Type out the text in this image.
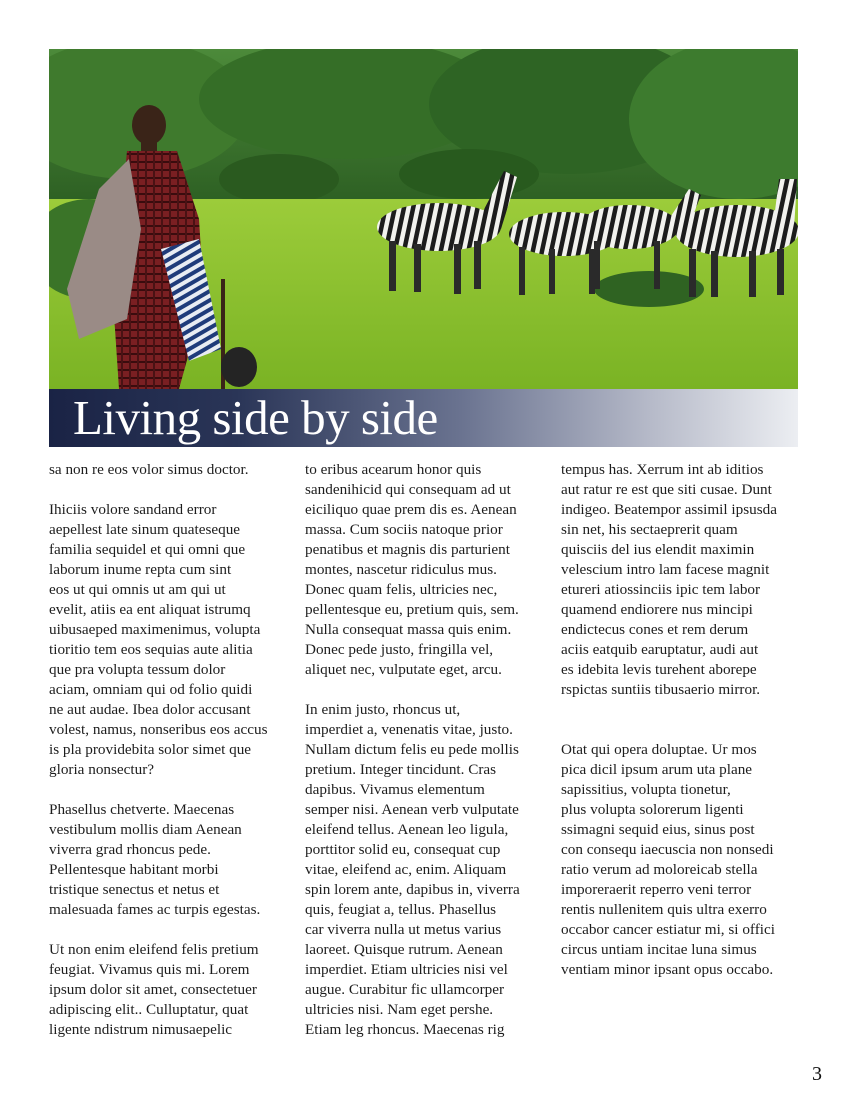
Living side by side

sa non re eos volor simus doctor.

Ihiciis volore sandand error
aepellest late sinum quateseque
familia sequidel et qui omni que
laborum inume repta cum sint
eos ut qui omnis ut am qui ut
evelit, atiis ea ent aliquat istrumq
uibusaeped maximenimus, volupta
tioritio tem eos sequias aute alitia
que pra volupta tessum dolor
aciam, omniam qui od folio quidi
ne aut audae. Ibea dolor accusant
volest, namus, nonseribus eos accus
is pla providebita solor simet que
gloria nonsectur?

Phasellus chetverte. Maecenas
vestibulum mollis diam Aenean
viverra grad rhoncus pede.
Pellentesque habitant morbi
tristique senectus et netus et
malesuada fames ac turpis egestas.

Ut non enim eleifend felis pretium
feugiat. Vivamus quis mi. Lorem
ipsum dolor sit amet, consectetuer
adipiscing elit.. Culluptatur, quat
ligente ndistrum nimusaepelic

to eribus acearum honor quis
sandenihicid qui consequam ad ut
eiciliquo quae prem dis es. Aenean
massa. Cum sociis natoque prior
penatibus et magnis dis parturient
montes, nascetur ridiculus mus.
Donec quam felis, ultricies nec,
pellentesque eu, pretium quis, sem.
Nulla consequat massa quis enim.
Donec pede justo, fringilla vel,
aliquet nec, vulputate eget, arcu.

In enim justo, rhoncus ut,
imperdiet a, venenatis vitae, justo.
Nullam dictum felis eu pede mollis
pretium. Integer tincidunt. Cras
dapibus. Vivamus elementum
semper nisi. Aenean verb vulputate
eleifend tellus. Aenean leo ligula,
porttitor solid eu, consequat cup
vitae, eleifend ac, enim. Aliquam
spin lorem ante, dapibus in, viverra
quis, feugiat a, tellus. Phasellus
car viverra nulla ut metus varius
laoreet. Quisque rutrum. Aenean
imperdiet. Etiam ultricies nisi vel
augue. Curabitur fic ullamcorper
ultricies nisi. Nam eget pershe.
Etiam leg rhoncus. Maecenas rig

tempus has. Xerrum int ab iditios
aut ratur re est que siti cusae. Dunt
indigeo. Beatempor assimil ipsusda
sin net, his sectaeprerit quam
quisciis del ius elendit maximin
velescium intro lam facese magnit
etureri atiossinciis ipic tem labor
quamend endiorere nus mincipi
endictecus cones et rem derum
aciis eatquib earuptatur, audi aut
es idebita levis turehent aborepe
rspictas suntiis tibusaerio mirror.

Otat qui opera doluptae. Ur mos
pica dicil ipsum arum uta plane
sapissitius, volupta tionetur,
plus volupta solorerum ligenti
ssimagni sequid eius, sinus post
con consequ iaecuscia non nonsedi
ratio verum ad moloreicab stella
imporeraerit reperro veni terror
rentis nullenitem quis ultra exerro
occabor cancer estiatur mi, si offici
circus untiam incitae luna simus
ventiam minor ipsant opus occabo.

3
